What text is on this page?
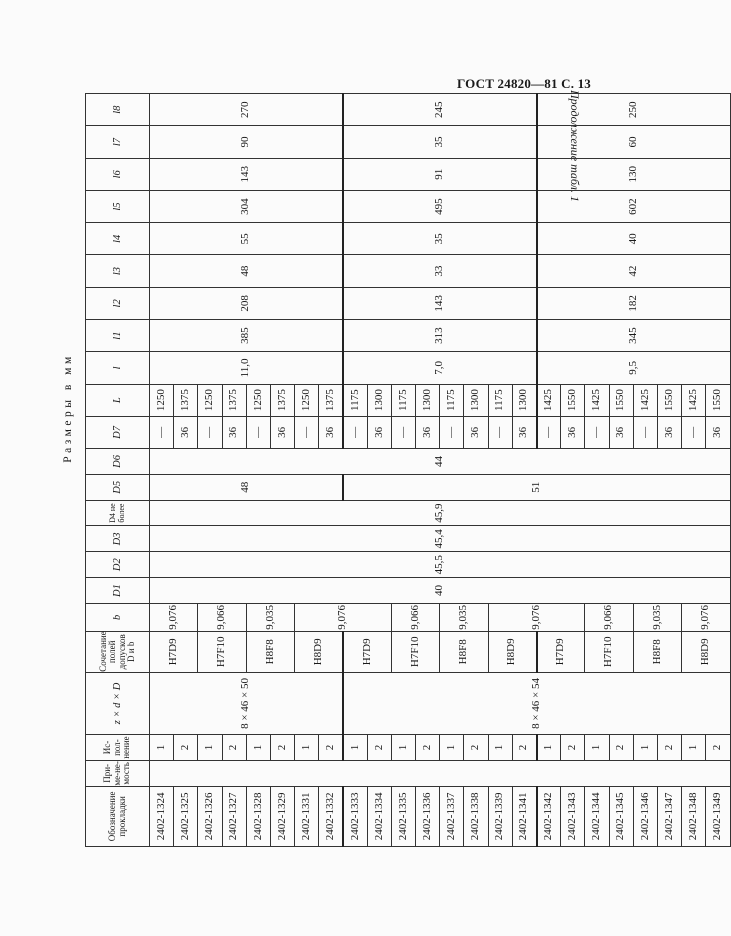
ГОСТ 24820—81 С. 13
Продолжение табл. 1
Размеры в мм
Обозначение прокладки	При-ме-не-мость	Ис-пол-нение	z × d × D	Сочетание полей допусков D и b	b	D1	D2	D3	D4 не более	D5	D6	D7	L	l	l1	l2	l3	l4	l5	l6	l7	l8
2402-1324		1	8 × 46 × 50	H7D9	9,076	40	45,5	45,4	45,9	48	44	—	1250	11,0	385	208	48	55	304	143	90	270
2402-1325		2										36	1375									
2402-1326		1		H7F10	9,066							—	1250									
2402-1327		2										36	1375									
2402-1328		1		H8F8	9,035							—	1250									
2402-1329		2										36	1375									
2402-1331		1		H8D9	9,076							—	1250									
2402-1332		2										36	1375									
2402-1333		1	8 × 46 × 54	H7D9						51		—	1175	7,0	313	143	33	35	495	91	35	245
2402-1334		2										36	1300									
2402-1335		1		H7F10	9,066							—	1175									
2402-1336		2										36	1300									
2402-1337		1		H8F8	9,035							—	1175									
2402-1338		2										36	1300									
2402-1339		1		H8D9	9,076							—	1175									
2402-1341		2										36	1300									
2402-1342		1		H7D9								—	1425	9,5	345	182	42	40	602	130	60	250
2402-1343		2										36	1550									
2402-1344		1		H7F10	9,066							—	1425									
2402-1345		2										36	1550									
2402-1346		1		H8F8	9,035							—	1425									
2402-1347		2										36	1550									
2402-1348		1		H8D9	9,076							—	1425									
2402-1349		2										36	1550									
